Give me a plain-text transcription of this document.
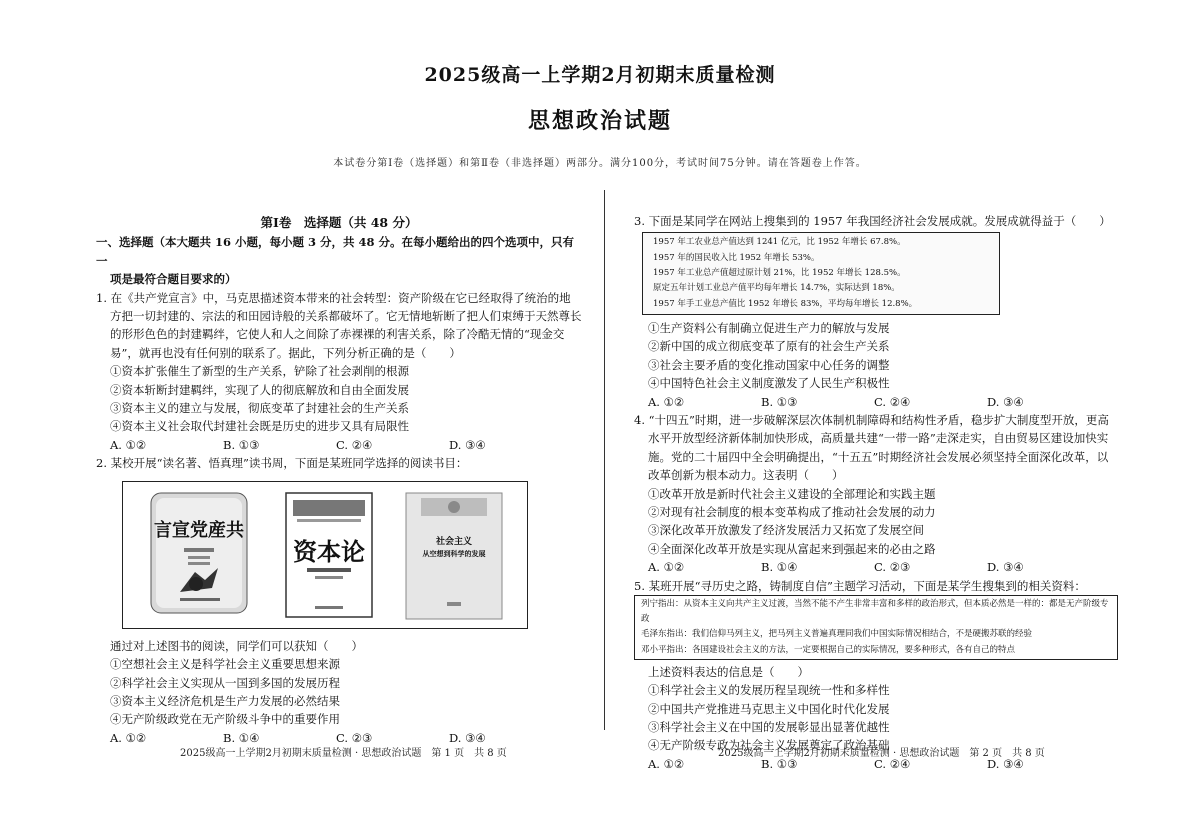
2025级高一上学期2月初期末质量检测
思想政治试题
本试卷分第Ⅰ卷（选择题）和第Ⅱ卷（非选择题）两部分。满分100分，考试时间75分钟。请在答题卷上作答。
第Ⅰ卷　选择题（共 48 分）
一、选择题（本大题共 16 小题，每小题 3 分，共 48 分。在每小题给出的四个选项中，只有一
项是最符合题目要求的）
1. 在《共产党宣言》中，马克思描述资本带来的社会转型：资产阶级在它已经取得了统治的地方把一切封建的、宗法的和田园诗般的关系都破坏了。它无情地斩断了把人们束缚于天然尊长的形形色色的封建羁绊，它使人和人之间除了赤裸裸的利害关系，除了冷酷无情的“现金交易”，就再也没有任何别的联系了。据此，下列分析正确的是（　　）
①资本扩张催生了新型的生产关系，铲除了社会剥削的根源
②资本斩断封建羁绊，实现了人的彻底解放和自由全面发展
③资本主义的建立与发展，彻底变革了封建社会的生产关系
④资本主义社会取代封建社会既是历史的进步又具有局限性
A. ①②	B. ①③	C. ②④	D. ③④
2. 某校开展“读名著、悟真理”读书周，下面是某班同学选择的阅读书目：
言宣党産共
资本论	社会主义
从空想到科学的发展
通过对上述图书的阅读，同学们可以获知（　　）
①空想社会主义是科学社会主义重要思想来源
②科学社会主义实现从一国到多国的发展历程
③资本主义经济危机是生产力发展的必然结果
④无产阶级政党在无产阶级斗争中的重要作用
A. ①②	B. ①④	C. ②③	D. ③④
3. 下面是某同学在网站上搜集到的 1957 年我国经济社会发展成就。发展成就得益于（　　）
1957 年工农业总产值达到 1241 亿元，比 1952 年增长 67.8%。
1957 年的国民收入比 1952 年增长 53%。
1957 年工业总产值超过原计划 21%，比 1952 年增长 128.5%。
原定五年计划工业总产值平均每年增长 14.7%，实际达到 18%。
1957 年手工业总产值比 1952 年增长 83%，平均每年增长 12.8%。
①生产资料公有制确立促进生产力的解放与发展
②新中国的成立彻底变革了原有的社会生产关系
③社会主要矛盾的变化推动国家中心任务的调整
④中国特色社会主义制度激发了人民生产积极性
A. ①②	B. ①③	C. ②④	D. ③④
4. “十四五”时期，进一步破解深层次体制机制障碍和结构性矛盾，稳步扩大制度型开放，更高水平开放型经济新体制加快形成，高质量共建“一带一路”走深走实，自由贸易区建设加快实施。党的二十届四中全会明确提出，“十五五”时期经济社会发展必须坚持全面深化改革，以改革创新为根本动力。这表明（　　）
①改革开放是新时代社会主义建设的全部理论和实践主题
②对现有社会制度的根本变革构成了推动社会发展的动力
③深化改革开放激发了经济发展活力又拓宽了发展空间
④全面深化改革开放是实现从富起来到强起来的必由之路
A. ①②	B. ①④	C. ②③	D. ③④
5. 某班开展“寻历史之路，铸制度自信”主题学习活动，下面是某学生搜集到的相关资料：
列宁指出：从资本主义向共产主义过渡，当然不能不产生非常丰富和多样的政治形式，但本质必然是一样的：都是无产阶级专政
毛泽东指出：我们信仰马列主义，把马列主义普遍真理同我们中国实际情况相结合，不是硬搬苏联的经验
邓小平指出：各国建设社会主义的方法，一定要根据自己的实际情况，要多种形式，各有自己的特点
上述资料表达的信息是（　　）
①科学社会主义的发展历程呈现统一性和多样性
②中国共产党推进马克思主义中国化时代化发展
③科学社会主义在中国的发展彰显出显著优越性
④无产阶级专政为社会主义发展奠定了政治基础
A. ①②	B. ①③	C. ②④	D. ③④
2025级高一上学期2月初期末质量检测 · 思想政治试题　第 1 页　共 8 页	2025级高一上学期2月初期末质量检测 · 思想政治试题　第 2 页　共 8 页
